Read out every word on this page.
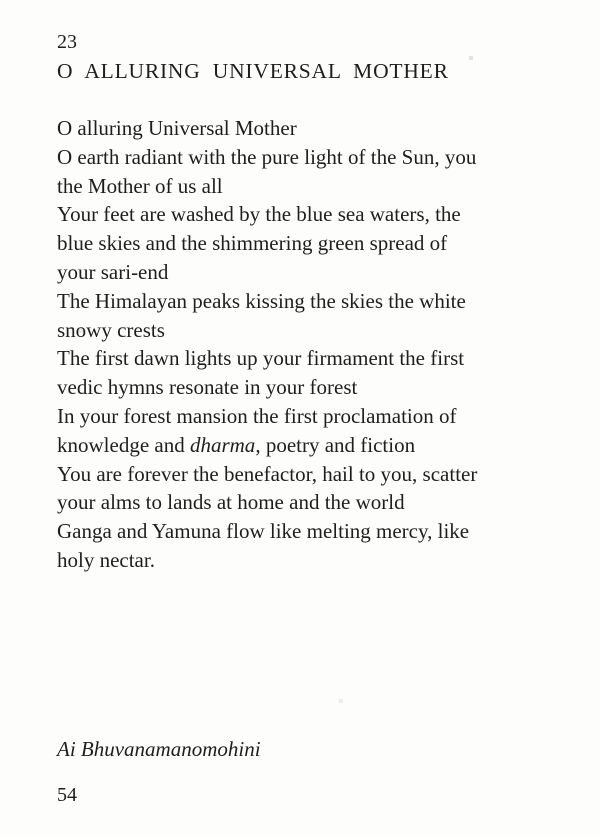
23
O ALLURING UNIVERSAL MOTHER
O alluring Universal Mother
O earth radiant with the pure light of the Sun, you
the Mother of us all
Your feet are washed by the blue sea waters, the
blue skies and the shimmering green spread of
your sari-end
The Himalayan peaks kissing the skies the white
snowy crests
The first dawn lights up your firmament the first
vedic hymns resonate in your forest
In your forest mansion the first proclamation of
knowledge and dharma, poetry and fiction
You are forever the benefactor, hail to you, scatter
your alms to lands at home and the world
Ganga and Yamuna flow like melting mercy, like
holy nectar.
Ai Bhuvanamanomohini
54
